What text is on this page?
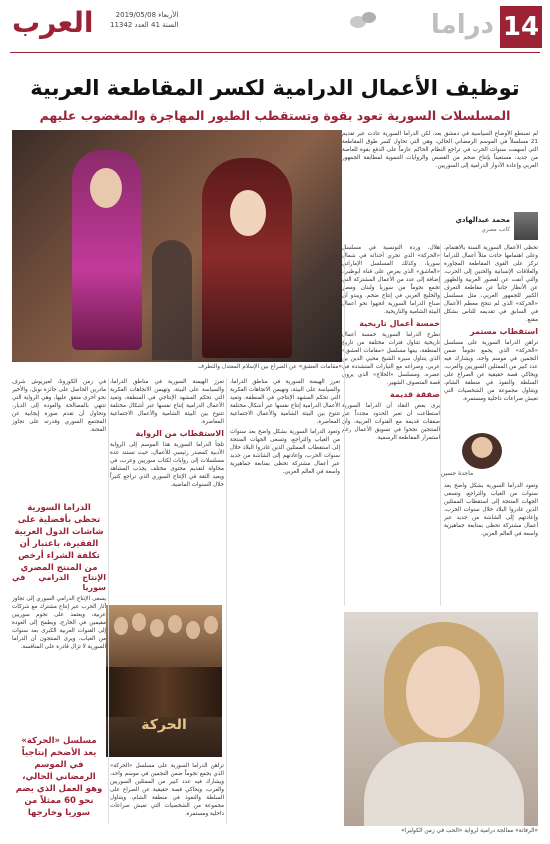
14
دراما
العرب	الأربعاء 2019/05/08
السنة 41 العدد 11342
توظيف الأعمال الدرامية لكسر المقاطعة العربية
المسلسلات السورية تعود بقوة وتستقطب الطيور المهاجرة والمغضوب عليهم

لم تستطع الأوضاع السياسية في دمشق بعد، لكن الدراما السورية عادت عبر تقديم 21 مسلسلاً في الموسم الرمضاني الحالي، وهي التي تحاول كسر طوق المقاطعة التي أسهمت سنوات الحرب في تراجع النظام الحاكم عازماً على الدفع بقوة للعاصة من جديد، مستعيناً بإنتاج ضخم من القصص والروايات التنموية لمطابقة الجمهور العربي وإعادة الأدوار الدرامية إلى السوريين.

محمد عبدالهادي
كاتب مصري

تحظى الأعمال السورية السنة بالاهتمام، وعلى اهتمامها جاءت مثلاً أعمال للدراما تركز على القوى المقاطعة المجاورة والعلاقات الإنسانية والحنين إلى الحرب، والتي أنفت عن لقصور العربية والظهور عن الأنظار جانباً عن مقاطعة التعرف الكبير للجمهور العربي، مثل مسلسل «الحركة» الذي لم تنجح معظم الأعمال في السابق في تقديمه للناس بشكل مقنع.

استقطاب مستمر

تراهن الدراما السورية على مسلسل «الحركة» الذي يجمع نجوماً ضمن النجمين في موسم واحد، ويشارك فيه عدد كبير من الممثلين السوريين والعرب، ويحاكي قصة حقيقية عن الصراع على السلطة والنفوذ في منطقة الشام، ويتناول مجموعة من الشخصيات التي تعيش صراعات داخلية ومستمرة.

ماجدة حسين

وتعود الدراما السورية بشكل واضح بعد سنوات من الغياب والتراجع، وتسعى الجهات المنتجة إلى استقطاب الممثلين الذين غادروا البلاد خلال سنوات الحرب، وإعادتهم إلى الشاشة من جديد عبر أعمال مشتركة تحظى بمتابعة جماهيرية واسعة في العالم العربي.

هلال، وردة التونسية في مسلسل «الحركة» الذي تجري أحداثه في شمال سوريا، وكذلك المسلسل الإماراتي «العاشق» الذي يعرض على قناة أبوظبي، إضافة إلى عدد من الأعمال المشتركة التي تجمع نجوماً من سوريا ولبنان ومصر والخليج العربي في إنتاج ضخم. ويبدو أن صناع الدراما السورية اتجهوا نحو أعمال البيئة الشامية والتاريخية.

خمسة أعمال تاريخية

تطرح الدراما السورية خمسة أعمال تاريخية تتناول فترات مختلفة من تاريخ المنطقة، بينها مسلسل «مقامات العشق» الذي يتناول سيرة الشيخ محيي الدين بن عربي، وصراعه مع التيارات المتشددة في عصره، ومسلسل «الحلاج» الذي يروي قصة المتصوف الشهير.

صفقة قديمة

يرى بعض النقاد أن الدراما السورية استطاعت أن تعبر الحدود مجدداً عبر صفقات قديمة مع القنوات العربية، وأن المنتجين نجحوا في تسويق الأعمال رغم استمرار المقاطعة الرسمية.

«مقامات العشق» عن الصراع بين الإسلام المعتدل والتطرف

تعرز الهيمنة السورية في مناطق الدراما، والسياسة على البيئة، وتهيمن الاتجاهات الفكرية التي تحكم المشهد الإنتاجي في المنطقة، وتعيد الأعمال الدرامية إنتاج نفسها عبر أشكال مختلفة تتنوع بين البيئة الشامية والأعمال الاجتماعية المعاصرة.

وتعود الدراما السورية بشكل واضح بعد سنوات من الغياب والتراجع، وتسعى الجهات المنتجة إلى استقطاب الممثلين الذين غادروا البلاد خلال سنوات الحرب، وإعادتهم إلى الشاشة من جديد عبر أعمال مشتركة تحظى بمتابعة جماهيرية واسعة في العالم العربي.

تعرز الهيمنة السورية في مناطق الدراما، والسياسة على البيئة، وتهيمن الاتجاهات الفكرية التي تحكم المشهد الإنتاجي في المنطقة، وتعيد الأعمال الدرامية إنتاج نفسها عبر أشكال مختلفة تتنوع بين البيئة الشامية والأعمال الاجتماعية المعاصرة.

الاستقطاب من الرواية

تلجأ الدراما السورية هذا الموسم إلى الرواية الأدبية كمصدر رئيسي للأعمال، حيث تستند عدة مسلسلات إلى روايات لكتاب سوريين وعرب، في محاولة لتقديم محتوى مختلف يجذب المشاهد ويعيد الثقة في الإنتاج السوري الذي تراجع كثيراً خلال السنوات الماضية.

في زمن الكورونا، لعيريوش شرف مادرين الحاصل على جائزة نوبل، والأخير نحو أخرى متفق عليها، وهي الرواية التي تنتهي بالمصالحة والعودة إلى الديار، وتحاول أن تقدم صورة إيجابية عن المجتمع السوري وقدرته على تجاوز المحنة.

الدراما السورية تحظى بأفضلية على شاشات الدول العربية الفقيرة، باعتبار أن تكلفة الشراء أرخص من المنتج المصري
الإنتاج الدرامي في سوريا

يسعى الإنتاج الدرامي السوري إلى تجاوز آثار الحرب عبر إنتاج مشترك مع شركات عربية، ويعتمد على نجوم سوريين مقيمين في الخارج، ويطمح إلى العودة إلى القنوات العربية الكبرى بعد سنوات من الغياب، ويرى المنتجون أن الدراما السورية لا تزال قادرة على المنافسة.

الحركة
مسلسل «الحركة» يعد الأضخم إنتاجياً في الموسم الرمضاني الحالي، وهو العمل الذي يضم نحو 60 ممثلاً من سوريا وخارجها

تراهن الدراما السورية على مسلسل «الحركة» الذي يجمع نجوماً ضمن النجمين في موسم واحد، ويشارك فيه عدد كبير من الممثلين السوريين والعرب، ويحاكي قصة حقيقية عن الصراع على السلطة والنفوذ في منطقة الشام، ويتناول مجموعة من الشخصيات التي تعيش صراعات داخلية ومستمرة.

«الرفاتة» معالجة درامية لرواية «الحب في زمن الكوليرا»
